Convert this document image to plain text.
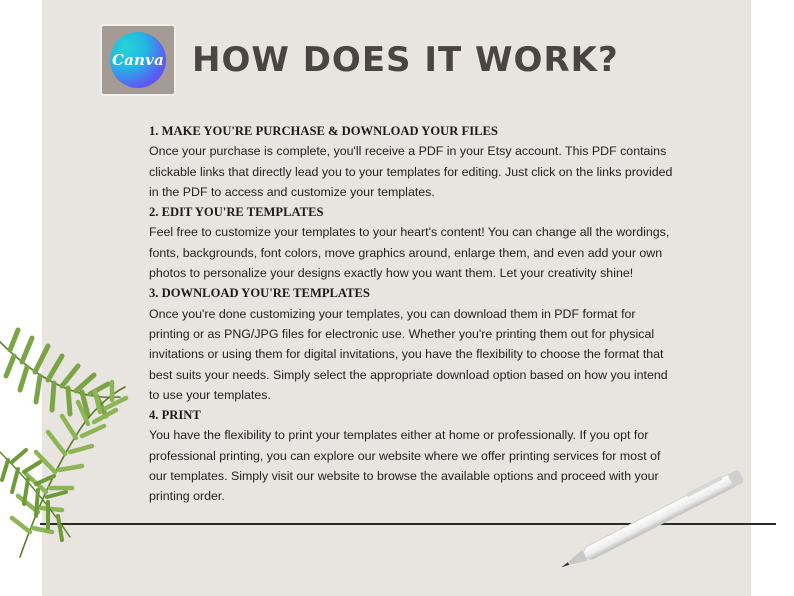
Canva HOW DOES IT WORK?
1. MAKE YOU'RE PURCHASE & DOWNLOAD YOUR FILES

Once your purchase is complete, you'll receive a PDF in your Etsy account. This PDF contains clickable links that directly lead you to your templates for editing. Just click on the links provided in the PDF to access and customize your templates.

2. EDIT YOU'RE TEMPLATES

Feel free to customize your templates to your heart's content! You can change all the wordings, fonts, backgrounds, font colors, move graphics around, enlarge them, and even add your own photos to personalize your designs exactly how you want them. Let your creativity shine!

3. DOWNLOAD YOU'RE TEMPLATES

Once you're done customizing your templates, you can download them in PDF format for printing or as PNG/JPG files for electronic use. Whether you're printing them out for physical invitations or using them for digital invitations, you have the flexibility to choose the format that best suits your needs. Simply select the appropriate download option based on how you intend to use your templates.

4. PRINT

You have the flexibility to print your templates either at home or professionally. If you opt for professional printing, you can explore our website where we offer printing services for most of our templates. Simply visit our website to browse the available options and proceed with your printing order.
